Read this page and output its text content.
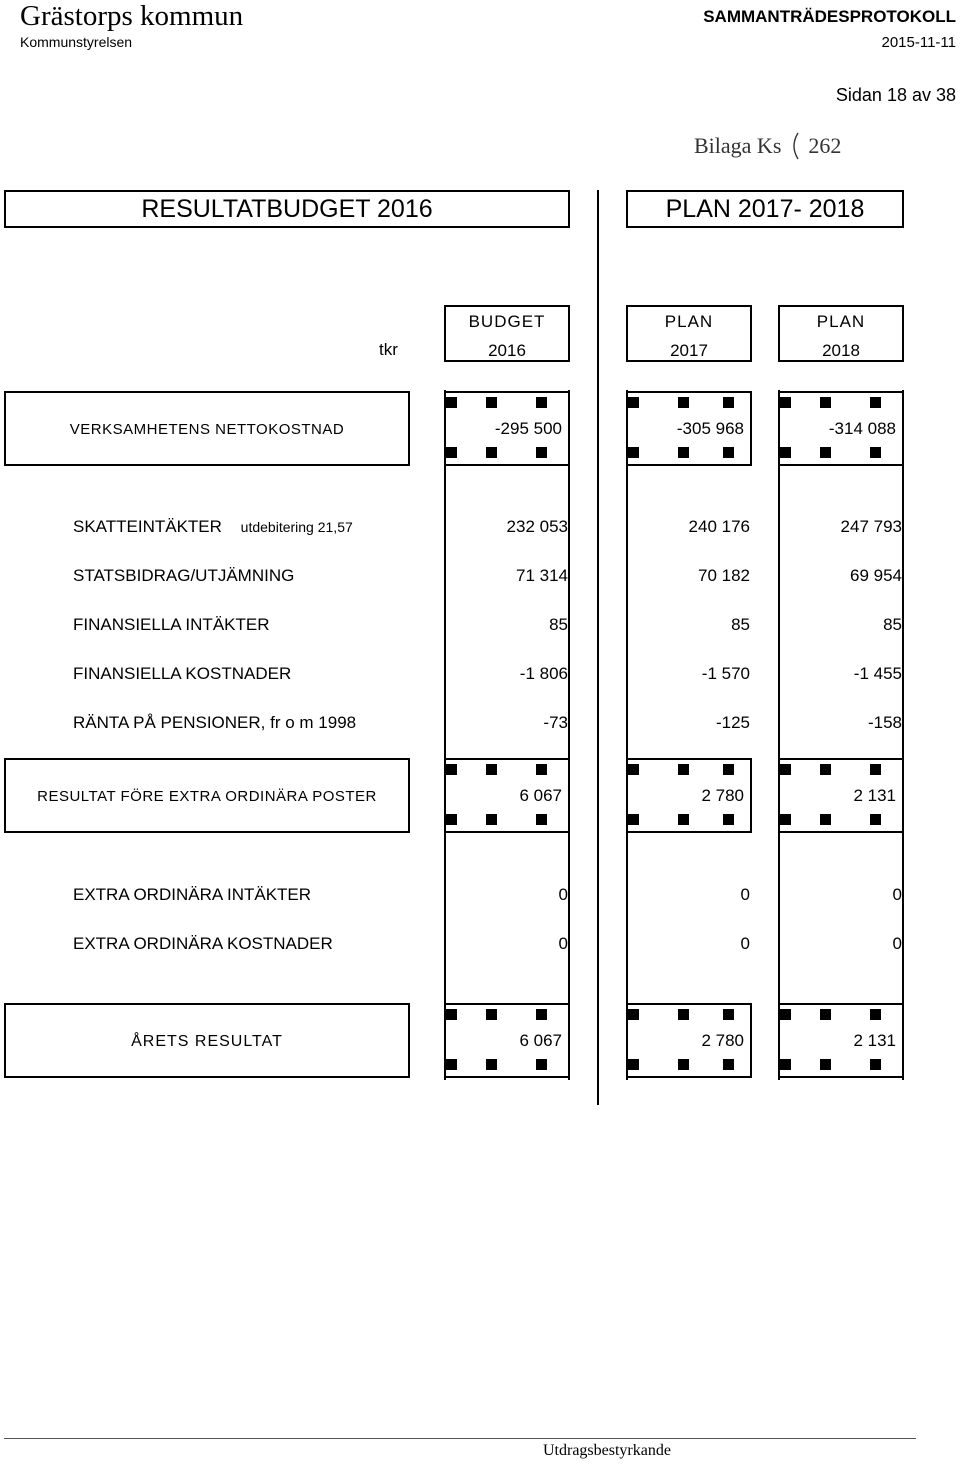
Grästorps kommun
Kommunstyrelsen
SAMMANTRÄDESPROTOKOLL
2015-11-11
Sidan 18 av 38
Bilaga Ks 262
RESULTATBUDGET 2016	PLAN 2017- 2018
tkr
BUDGET
2016
PLAN
2017
PLAN
2018
VERKSAMHETENS NETTOKOSTNAD	-295 500	-305 968	-314 088
SKATTEINTÄKTER utdebitering 21,57	232 053	240 176	247 793
STATSBIDRAG/UTJÄMNING	71 314	70 182	69 954
FINANSIELLA INTÄKTER	85	85	85
FINANSIELLA KOSTNADER	-1 806	-1 570	-1 455
RÄNTA PÅ PENSIONER, fr o m 1998	-73	-125	-158
RESULTAT FÖRE EXTRA ORDINÄRA POSTER	6 067	2 780	2 131
EXTRA ORDINÄRA INTÄKTER	0	0	0
EXTRA ORDINÄRA KOSTNADER	0	0	0
ÅRETS RESULTAT	6 067	2 780	2 131
Utdragsbestyrkande
